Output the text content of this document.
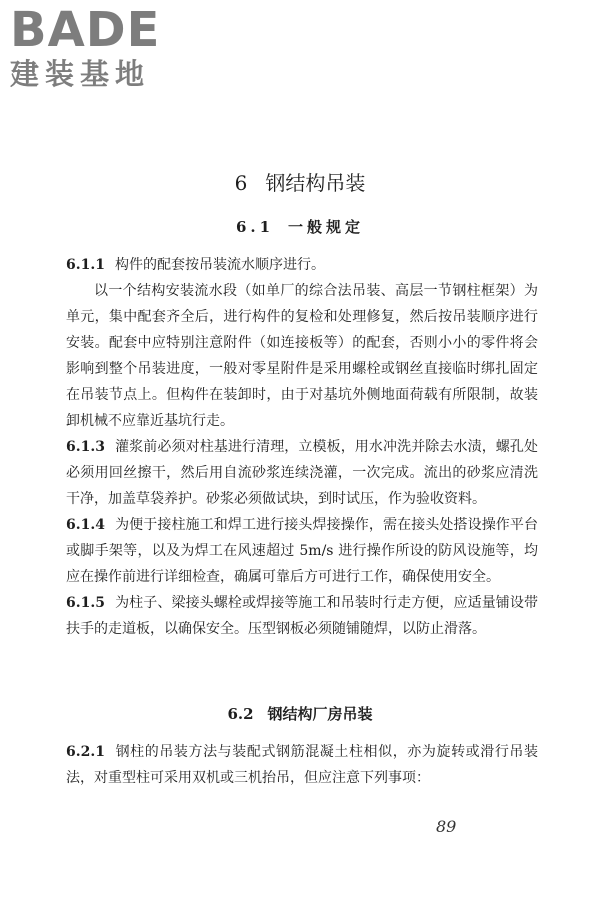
BADE
建装基地
6 钢结构吊装
6.1 一般规定

6.1.1 构件的配套按吊装流水顺序进行。

以一个结构安装流水段（如单厂的综合法吊装、高层一节钢柱框架）为单元，集中配套齐全后，进行构件的复检和处理修复，然后按吊装顺序进行安装。配套中应特别注意附件（如连接板等）的配套，否则小小的零件将会影响到整个吊装进度，一般对零星附件是采用螺栓或钢丝直接临时绑扎固定在吊装节点上。但构件在装卸时，由于对基坑外侧地面荷载有所限制，故装卸机械不应靠近基坑行走。

6.1.3 灌浆前必须对柱基进行清理，立模板，用水冲洗并除去水渍，螺孔处必须用回丝擦干，然后用自流砂浆连续浇灌，一次完成。流出的砂浆应清洗干净，加盖草袋养护。砂浆必须做试块，到时试压，作为验收资料。

6.1.4 为便于接柱施工和焊工进行接头焊接操作，需在接头处搭设操作平台或脚手架等，以及为焊工在风速超过 5m/s 进行操作所设的防风设施等，均应在操作前进行详细检查，确属可靠后方可进行工作，确保使用安全。

6.1.5 为柱子、梁接头螺栓或焊接等施工和吊装时行走方便，应适量铺设带扶手的走道板，以确保安全。压型钢板必须随铺随焊，以防止滑落。

6.2 钢结构厂房吊装

6.2.1 钢柱的吊装方法与装配式钢筋混凝土柱相似，亦为旋转或滑行吊装法，对重型柱可采用双机或三机抬吊，但应注意下列事项：

89
